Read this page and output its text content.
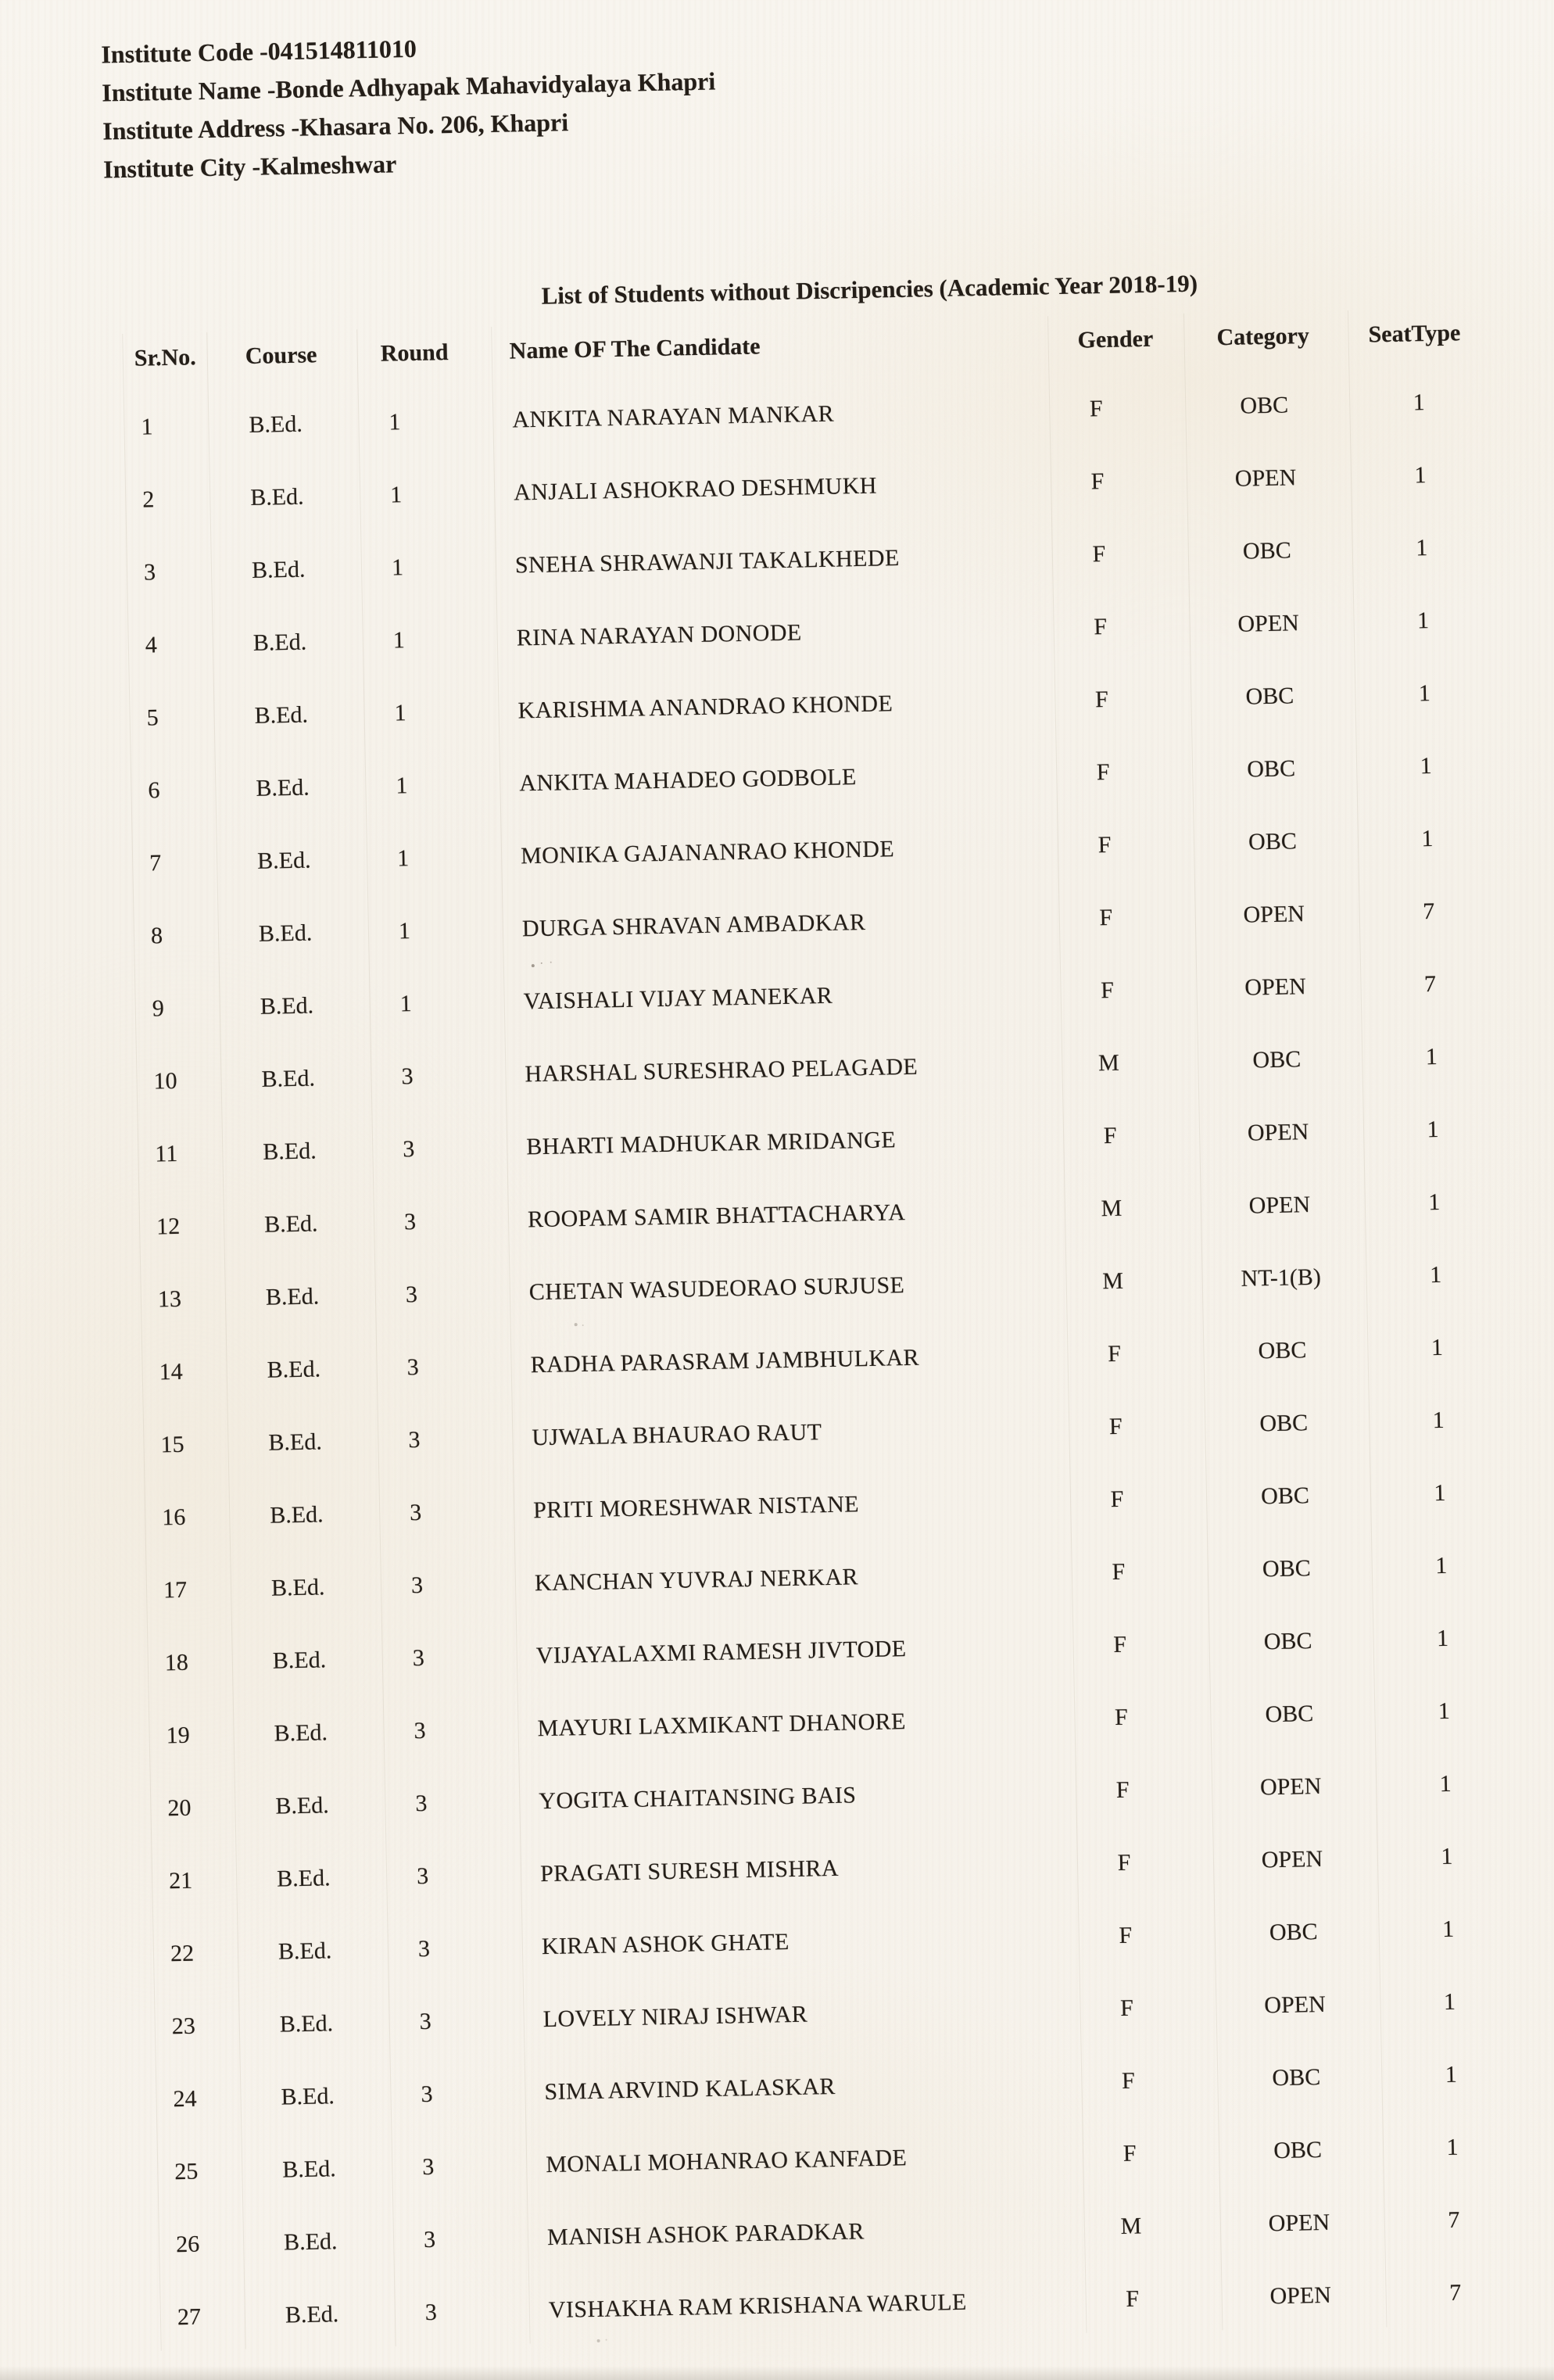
Institute Code -041514811010
Institute Name -Bonde Adhyapak Mahavidyalaya Khapri
Institute Address -Khasara No. 206, Khapri
Institute City -Kalmeshwar
List of Students without Discripencies (Academic Year 2018-19)
Sr.No. Course	Round	Name OF The Candidate	Gender	Category	SeatType
1	B.Ed.	1	ANKITA NARAYAN MANKAR	F	OBC	1
2	B.Ed.	1	ANJALI ASHOKRAO DESHMUKH	F	OPEN	1
3	B.Ed.	1	SNEHA SHRAWANJI TAKALKHEDE	F	OBC	1
4	B.Ed.	1	RINA NARAYAN DONODE	F	OPEN	1
5	B.Ed.	1	KARISHMA ANANDRAO KHONDE	F	OBC	1
6	B.Ed.	1	ANKITA MAHADEO GODBOLE	F	OBC	1
7	B.Ed.	1	MONIKA GAJANANRAO KHONDE	F	OBC	1
8	B.Ed.	1	DURGA SHRAVAN AMBADKAR	F	OPEN	7
9	B.Ed.	1	VAISHALI VIJAY MANEKAR	F	OPEN	7
10	B.Ed.	3	HARSHAL SURESHRAO PELAGADE	M	OBC	1
11	B.Ed.	3	BHARTI MADHUKAR MRIDANGE	F	OPEN	1
12	B.Ed.	3	ROOPAM SAMIR BHATTACHARYA	M	OPEN	1
13	B.Ed.	3	CHETAN WASUDEORAO SURJUSE	M	NT-1(B)	1
14	B.Ed.	3	RADHA PARASRAM JAMBHULKAR	F	OBC	1
15	B.Ed.	3	UJWALA BHAURAO RAUT	F	OBC	1
16	B.Ed.	3	PRITI MORESHWAR NISTANE	F	OBC	1
17	B.Ed.	3	KANCHAN YUVRAJ NERKAR	F	OBC	1
18	B.Ed.	3	VIJAYALAXMI RAMESH JIVTODE	F	OBC	1
19	B.Ed.	3	MAYURI LAXMIKANT DHANORE	F	OBC	1
20	B.Ed.	3	YOGITA CHAITANSING BAIS	F	OPEN	1
21	B.Ed.	3	PRAGATI SURESH MISHRA	F	OPEN	1
22	B.Ed.	3	KIRAN ASHOK GHATE	F	OBC	1
23	B.Ed.	3	LOVELY NIRAJ ISHWAR	F	OPEN	1
24	B.Ed.	3	SIMA ARVIND KALASKAR	F	OBC	1
25	B.Ed.	3	MONALI MOHANRAO KANFADE	F	OBC	1
26	B.Ed.	3	MANISH ASHOK PARADKAR	M	OPEN	7
27	B.Ed.	3	VISHAKHA RAM KRISHANA WARULE	F	OPEN	7
